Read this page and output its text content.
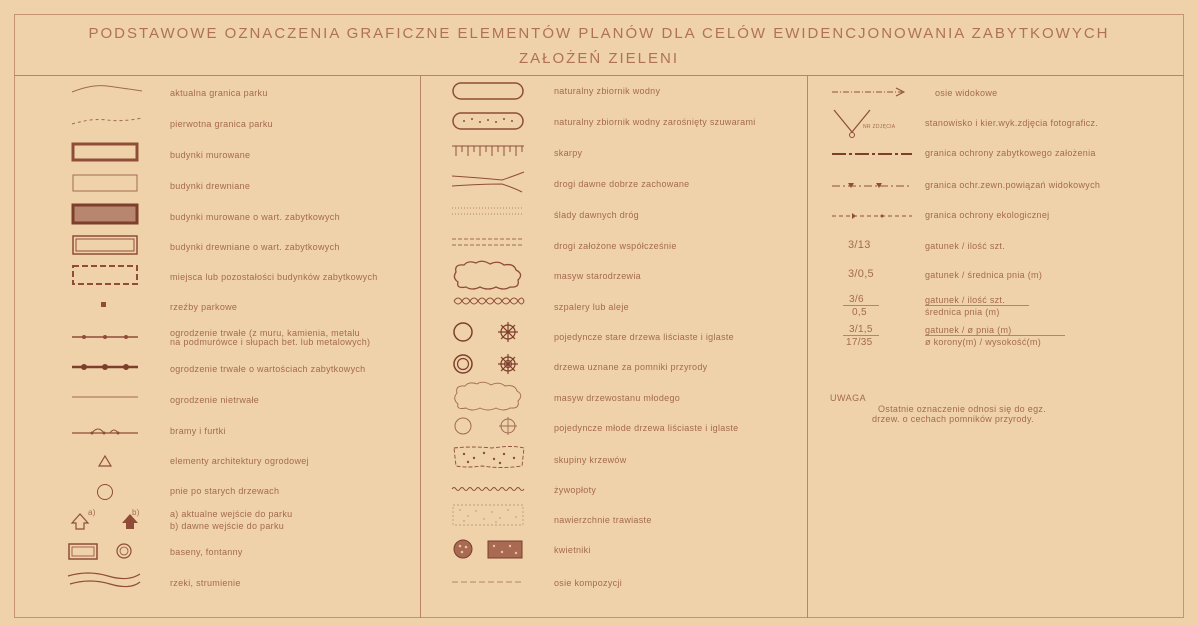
PODSTAWOWE OZNACZENIA GRAFICZNE ELEMENTÓW PLANÓW DLA CELÓW EWIDENCJONOWANIA ZABYTKOWYCH
ZAŁOŻEŃ ZIELENI
a)	b)
aktualna granica parku
pierwotna granica parku
budynki murowane
budynki drewniane
budynki murowane o wart. zabytkowych
budynki drewniane o wart. zabytkowych
miejsca lub pozostałości budynków zabytkowych
rzeźby parkowe
ogrodzenie trwałe (z muru, kamienia, metalu
na podmurówce i słupach bet. lub metalowych)
ogrodzenie trwałe o wartościach zabytkowych
ogrodzenie nietrwałe
bramy i furtki
elementy architektury ogrodowej
pnie po starych drzewach
a) aktualne wejście do parku
b) dawne wejście do parku
baseny, fontanny
rzeki, strumienie
naturalny zbiornik wodny
naturalny zbiornik wodny zarośnięty szuwarami
skarpy
drogi dawne dobrze zachowane
ślady dawnych dróg
drogi założone współcześnie
masyw starodrzewia
szpalery lub aleje
pojedyncze stare drzewa liściaste i iglaste
drzewa uznane za pomniki przyrody
masyw drzewostanu młodego
pojedyncze młode drzewa liściaste i iglaste
skupiny krzewów
żywopłoty
nawierzchnie trawiaste
kwietniki
osie kompozycji
NR ZDJĘCIA
3/13
3/0,5
3/6
0,5
3/1,5
17/35
osie widokowe
stanowisko i kier.wyk.zdjęcia fotograficz.
granica ochrony zabytkowego założenia
granica ochr.zewn.powiązań widokowych
granica ochrony ekologicznej
gatunek / ilość szt.
gatunek / średnica pnia (m)
gatunek / ilość szt.
średnica pnia (m)
gatunek / ø pnia (m)
ø korony(m) / wysokość(m)
UWAGA
Ostatnie oznaczenie odnosi się do egz.
drzew. o cechach pomników przyrody.
